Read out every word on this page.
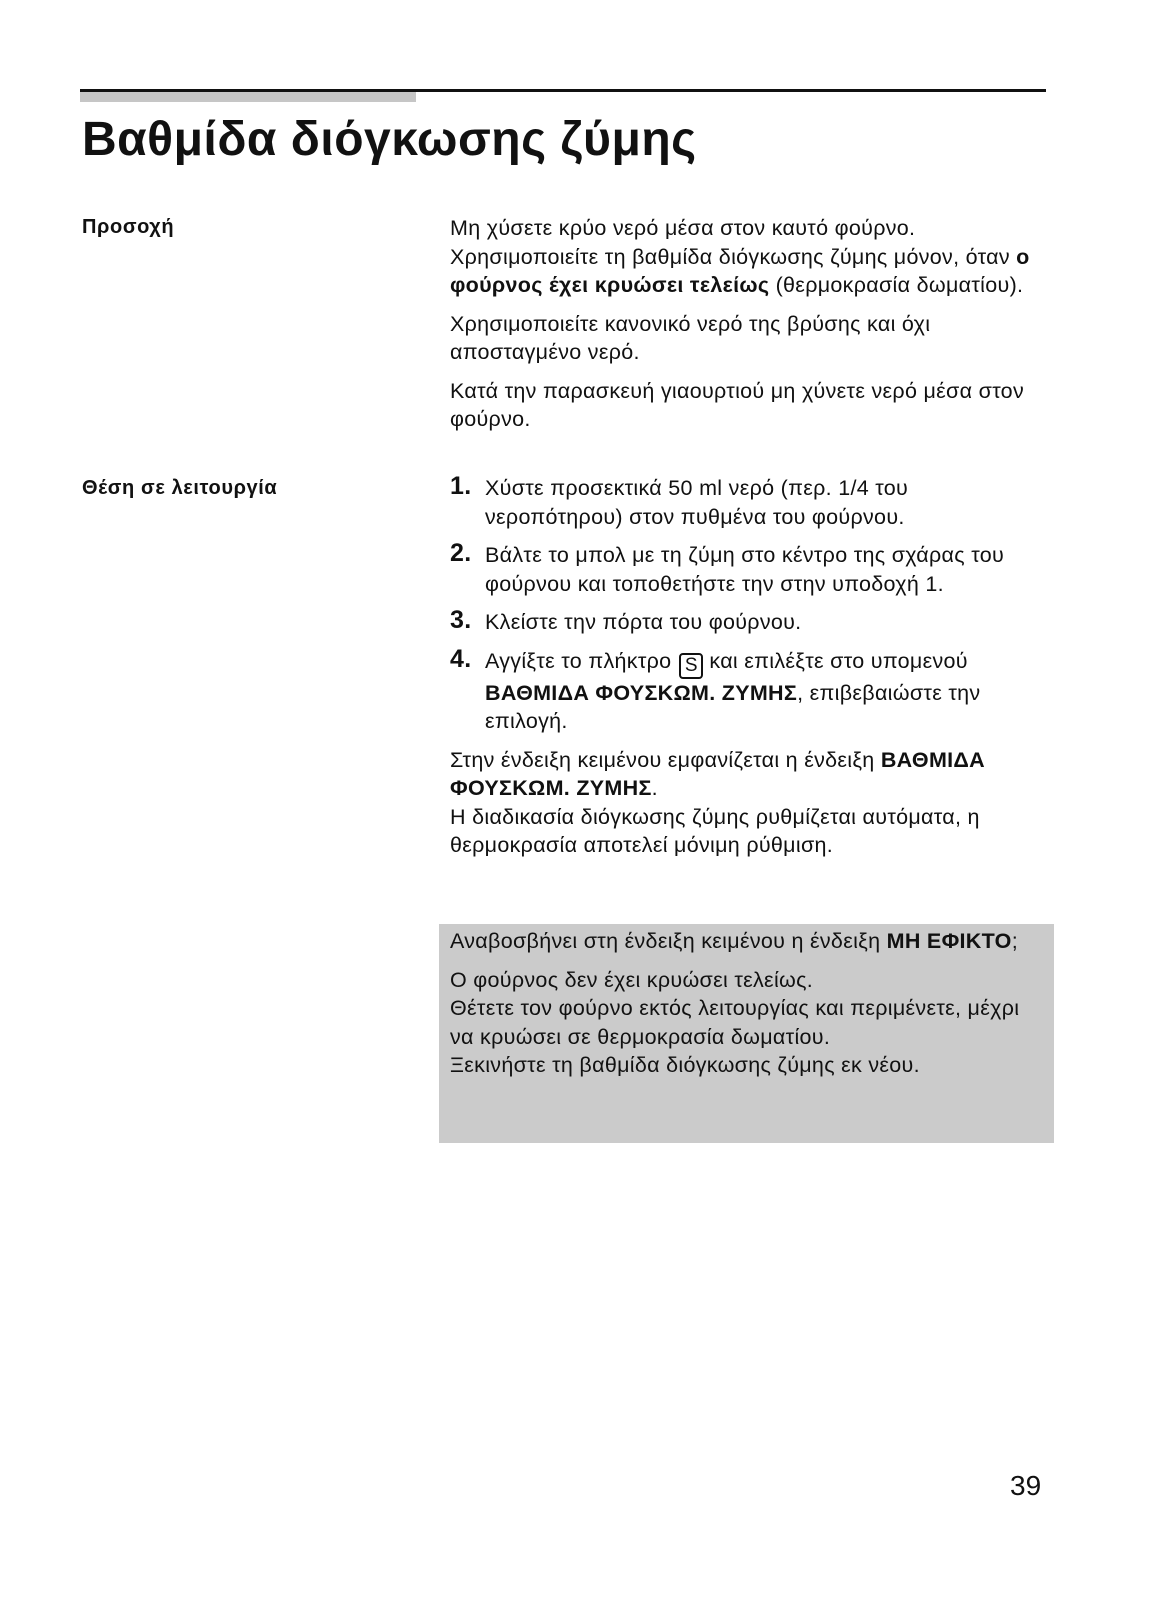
Βαθμίδα διόγκωσης ζύμης

Προσοχή

Θέση σε λειτουργία

Μη χύσετε κρύο νερό μέσα στον καυτό φούρνο. Χρησιμοποιείτε τη βαθμίδα διόγκωσης ζύμης μόνον, όταν ο φούρνος έχει κρυώσει τελείως (θερμοκρασία δωματίου).

Χρησιμοποιείτε κανονικό νερό της βρύσης και όχι αποσταγμένο νερό.

Κατά την παρασκευή γιαουρτιού μη χύνετε νερό μέσα στον φούρνο.

1. Χύστε προσεκτικά 50 ml νερό (περ. 1/4 του νεροπότηρου) στον πυθμένα του φούρνου.
2. Βάλτε το μπολ με τη ζύμη στο κέντρο της σχάρας του φούρνου και τοποθετήστε την στην υποδοχή 1.
3. Κλείστε την πόρτα του φούρνου.
4. Αγγίξτε το πλήκτρο S και επιλέξτε στο υπομενού ΒΑΘΜΙΔΑ ΦΟΥΣΚΩΜ. ΖΥΜΗΣ, επιβεβαιώστε την επιλογή.

Στην ένδειξη κειμένου εμφανίζεται η ένδειξη ΒΑΘΜΙΔΑ ΦΟΥΣΚΩΜ. ΖΥΜΗΣ.

Η διαδικασία διόγκωσης ζύμης ρυθμίζεται αυτόματα, η θερμοκρασία αποτελεί μόνιμη ρύθμιση.

Αναβοσβήνει στη ένδειξη κειμένου η ένδειξη ΜΗ ΕΦΙΚΤΟ;

Ο φούρνος δεν έχει κρυώσει τελείως.

Θέτετε τον φούρνο εκτός λειτουργίας και περιμένετε, μέχρι να κρυώσει σε θερμοκρασία δωματίου.

Ξεκινήστε τη βαθμίδα διόγκωσης ζύμης εκ νέου.

39
